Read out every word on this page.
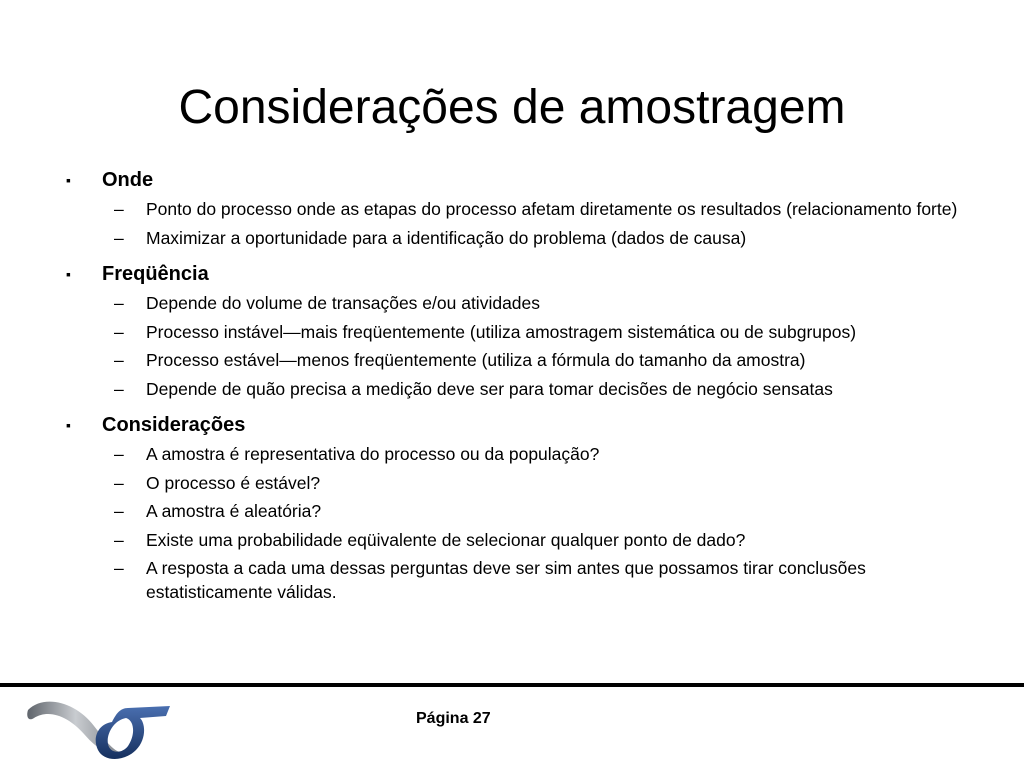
Considerações de amostragem
▪ Onde
– Ponto do processo onde as etapas do processo afetam diretamente os resultados (relacionamento forte)
– Maximizar a oportunidade para a identificação do problema (dados de causa)
▪ Freqüência
– Depende do volume de transações e/ou atividades
– Processo instável—mais freqüentemente (utiliza amostragem sistemática ou de subgrupos)
– Processo estável—menos freqüentemente (utiliza a fórmula do tamanho da amostra)
– Depende de quão precisa a medição deve ser para tomar decisões de negócio sensatas
▪ Considerações
– A amostra é representativa do processo ou da população?
– O processo é estável?
– A amostra é aleatória?
– Existe uma probabilidade eqüivalente de selecionar qualquer ponto de dado?
– A resposta a cada uma dessas perguntas deve ser sim antes que possamos tirar conclusões estatisticamente válidas.
Página 27
